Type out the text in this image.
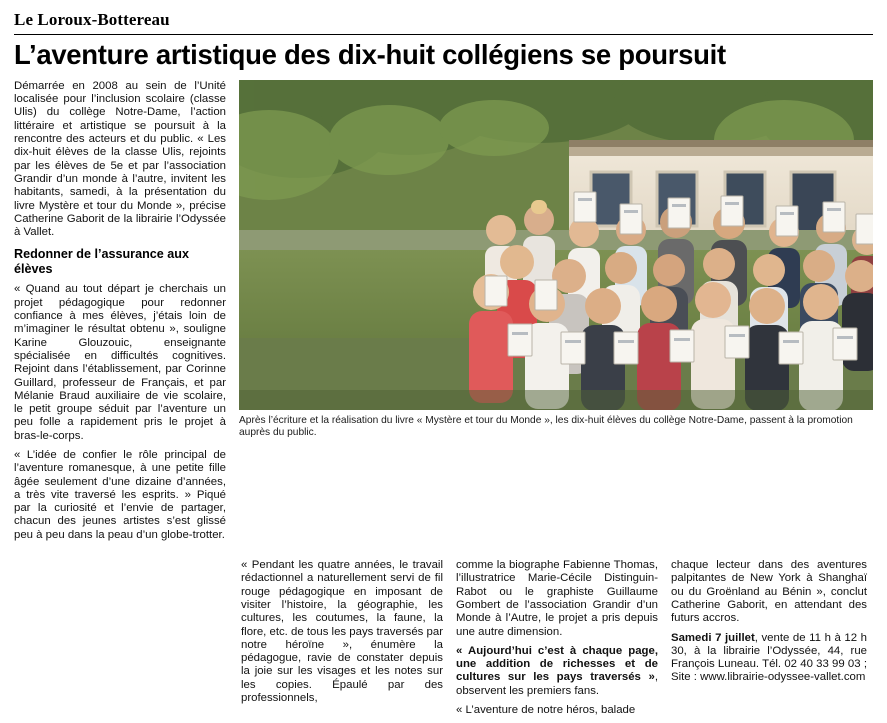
Le Loroux-Bottereau
L’aventure artistique des dix-huit collégiens se poursuit

Démarrée en 2008 au sein de l’Unité localisée pour l’inclusion scolaire (classe Ulis) du collège Notre-Dame, l’action littéraire et artistique se poursuit à la rencontre des acteurs et du public. « Les dix-huit élèves de la classe Ulis, rejoints par les élèves de 5e et par l’association Grandir d’un monde à l’autre, invitent les habitants, samedi, à la présentation du livre Mystère et tour du Monde », précise Catherine Gaborit de la librairie l’Odyssée à Vallet.

Redonner de l’assurance aux élèves

« Quand au tout départ je cherchais un projet pédagogique pour redonner confiance à mes élèves, j’étais loin de m’imaginer le résultat obtenu », souligne Karine Glouzouic, enseignante spécialisée en difficultés cognitives. Rejoint dans l’établissement, par Corinne Guillard, professeur de Français, et par Mélanie Braud auxiliaire de vie scolaire, le petit groupe séduit par l’aventure un peu folle a rapidement pris le projet à bras-le-corps.

« L’idée de confier le rôle principal de l’aventure romanesque, à une petite fille âgée seulement d’une dizaine d’années, a très vite traversé les esprits. » Piqué par la curiosité et l’envie de partager, chacun des jeunes artistes s’est glissé peu à peu dans la peau d’un globe-trotter.

Après l’écriture et la réalisation du livre « Mystère et tour du Monde », les dix-huit élèves du collège Notre-Dame, passent à la promotion auprès du public.

« Pendant les quatre années, le travail rédactionnel a naturellement servi de fil rouge pédagogique en imposant de visiter l’histoire, la géographie, les cultures, les coutumes, la faune, la flore, etc. de tous les pays traversés par notre héroïne », énumère la pédagogue, ravie de constater depuis la joie sur les visages et les notes sur les copies. Épaulé par des professionnels,

comme la biographe Fabienne Thomas, l’illustratrice Marie-Cécile Distinguin-Rabot ou le graphiste Guillaume Gombert de l’association Grandir d’un Monde à l’Autre, le projet a pris depuis une autre dimension.

« Aujourd’hui c’est à chaque page, une addition de richesses et de cultures sur les pays traversés », observent les premiers fans.

« L’aventure de notre héros, balade

chaque lecteur dans des aventures palpitantes de New York à Shanghaï ou du Groënland au Bénin », conclut Catherine Gaborit, en attendant des futurs accros.

Samedi 7 juillet, vente de 11 h à 12 h 30, à la librairie l’Odyssée, 44, rue François Luneau. Tél. 02 40 33 99 03 ; Site : www.librairie-odyssee-vallet.com
